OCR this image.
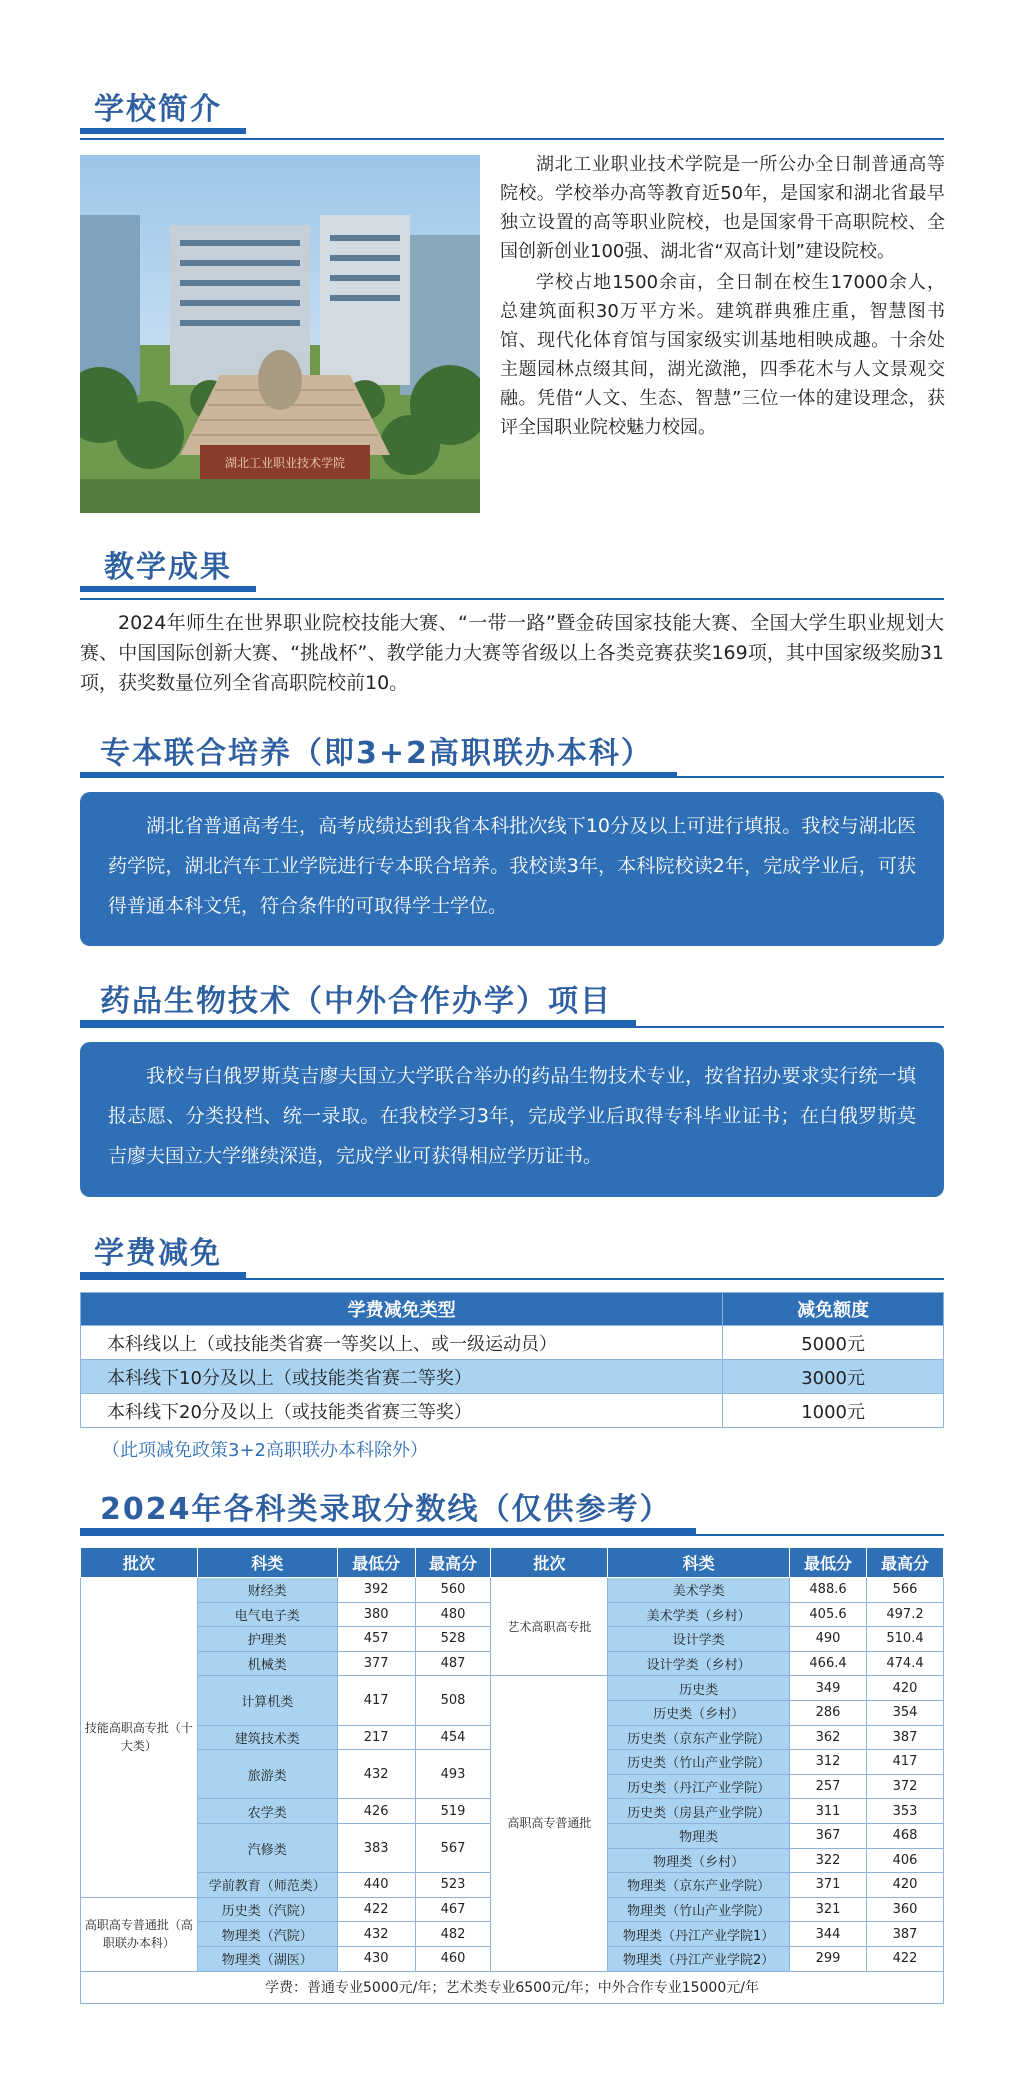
学校简介
湖北工业职业技术学院

湖北工业职业技术学院是一所公办全日制普通高等院校。学校举办高等教育近50年，是国家和湖北省最早独立设置的高等职业院校，也是国家骨干高职院校、全国创新创业100强、湖北省“双高计划”建设院校。

学校占地1500余亩，全日制在校生17000余人，总建筑面积30万平方米。建筑群典雅庄重，智慧图书馆、现代化体育馆与国家级实训基地相映成趣。十余处主题园林点缀其间，湖光潋滟，四季花木与人文景观交融。凭借“人文、生态、智慧”三位一体的建设理念，获评全国职业院校魅力校园。

教学成果
2024年师生在世界职业院校技能大赛、“一带一路”暨金砖国家技能大赛、全国大学生职业规划大赛、中国国际创新大赛、“挑战杯”、教学能力大赛等省级以上各类竞赛获奖169项，其中国家级奖励31项，获奖数量位列全省高职院校前10。
专本联合培养（即3+2高职联办本科）
湖北省普通高考生，高考成绩达到我省本科批次线下10分及以上可进行填报。我校与湖北医药学院，湖北汽车工业学院进行专本联合培养。我校读3年，本科院校读2年，完成学业后，可获得普通本科文凭，符合条件的可取得学士学位。
药品生物技术（中外合作办学）项目
我校与白俄罗斯莫吉廖夫国立大学联合举办的药品生物技术专业，按省招办要求实行统一填报志愿、分类投档、统一录取。在我校学习3年，完成学业后取得专科毕业证书；在白俄罗斯莫吉廖夫国立大学继续深造，完成学业可获得相应学历证书。
学费减免
学费减免类型	减免额度
本科线以上（或技能类省赛一等奖以上、或一级运动员）	5000元
本科线下10分及以上（或技能类省赛二等奖）	3000元
本科线下20分及以上（或技能类省赛三等奖）	1000元
（此项减免政策3+2高职联办本科除外）
2024年各科类录取分数线（仅供参考）
批次	科类	最低分	最高分	批次	科类	最低分	最高分
技能高职高专批（十大类）	财经类	392	560	艺术高职高专批	美术学类	488.6	566
	电气电子类	380	480		美术学类（乡村）	405.6	497.2
	护理类	457	528		设计学类	490	510.4
	机械类	377	487		设计学类（乡村）	466.4	474.4
	计算机类	417	508	高职高专普通批	历史类	349	420
					历史类（乡村）	286	354
	建筑技术类	217	454		历史类（京东产业学院）	362	387
	旅游类	432	493		历史类（竹山产业学院）	312	417
					历史类（丹江产业学院）	257	372
	农学类	426	519		历史类（房县产业学院）	311	353
	汽修类	383	567		物理类	367	468
					物理类（乡村）	322	406
	学前教育（师范类）	440	523		物理类（京东产业学院）	371	420
高职高专普通批（高职联办本科）	历史类（汽院）	422	467		物理类（竹山产业学院）	321	360
	物理类（汽院）	432	482		物理类（丹江产业学院1）	344	387
	物理类（湖医）	430	460		物理类（丹江产业学院2）	299	422
学费：普通专业5000元/年；艺术类专业6500元/年；中外合作专业15000元/年							
